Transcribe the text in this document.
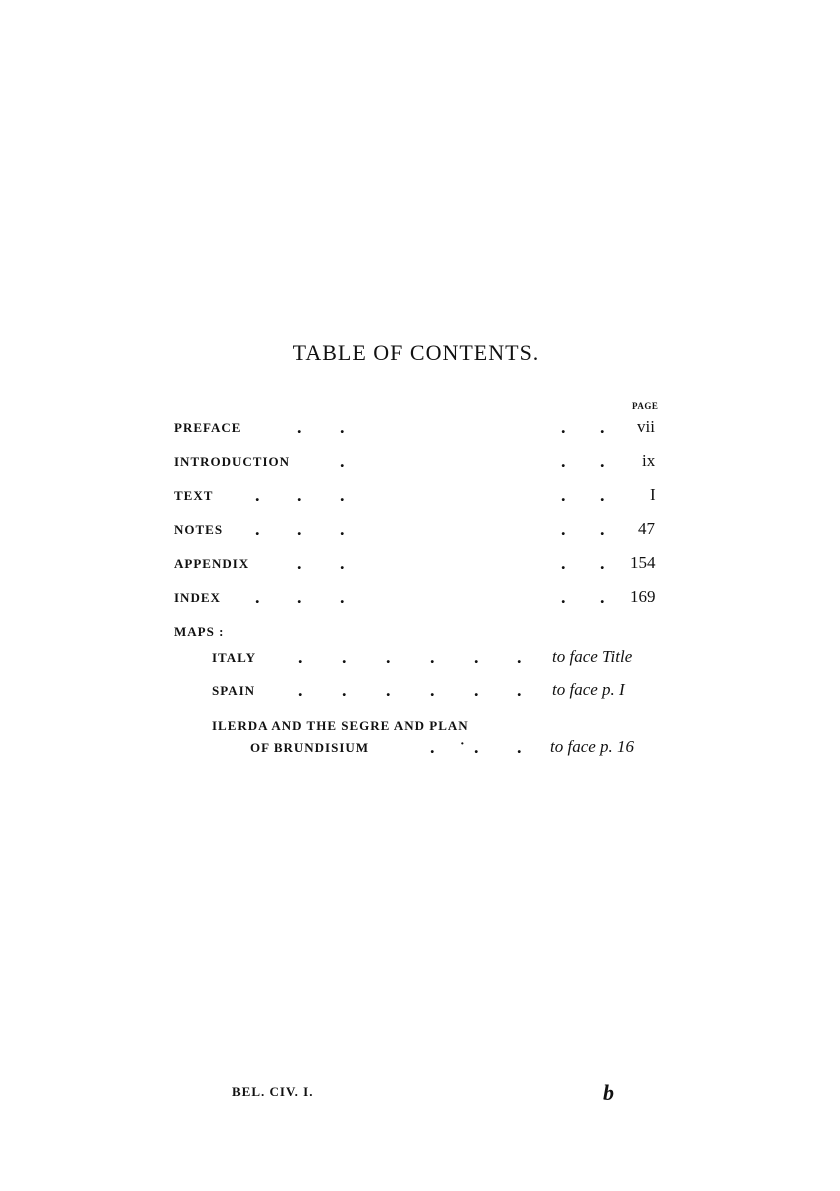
TABLE OF CONTENTS.
PAGE
PREFACE	. .	. . vii
INTRODUCTION	.	. . ix
TEXT . . .	. .	I
NOTES . . .	. . 47
APPENDIX	. .	. . 154
INDEX . . .	. . 169
MAPS :
ITALY . . . . . . to face Title
SPAIN . . . . . . to face p. I
ILERDA AND THE SEGRE AND PLAN
OF BRUNDISIUM	. · . . to face p. 16
BEL. CIV. I.	b
